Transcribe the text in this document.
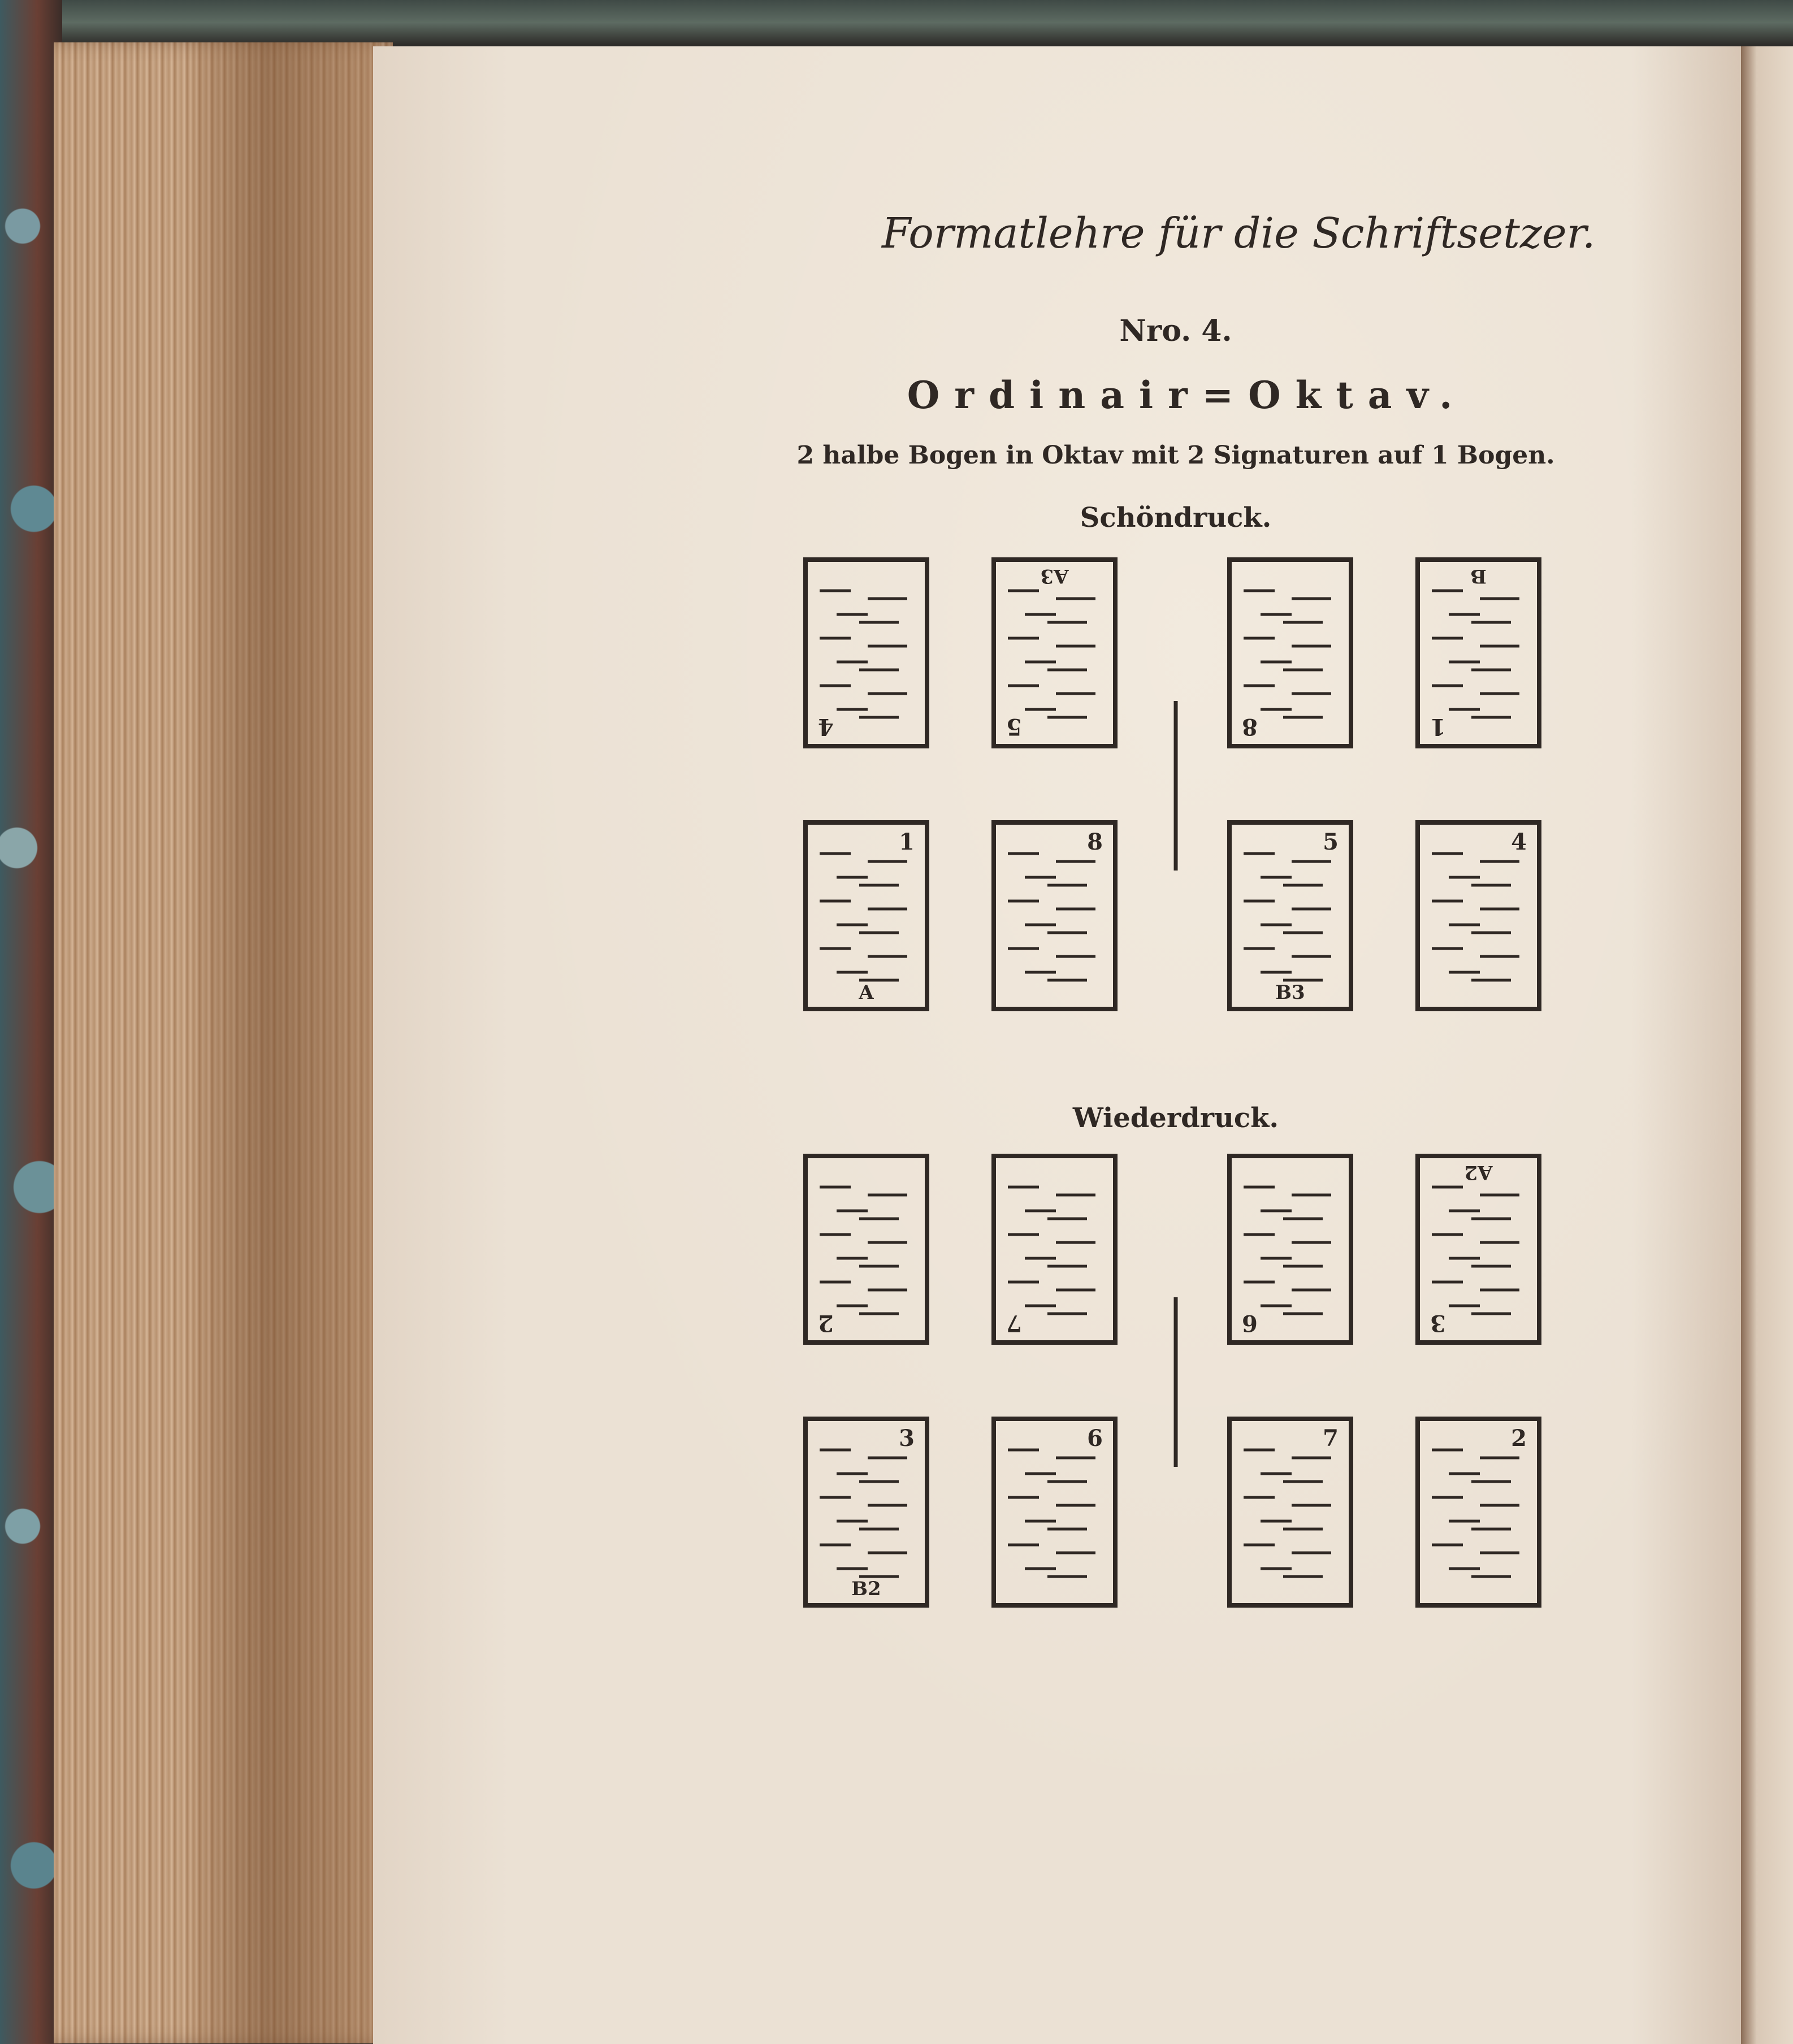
Formatlehre für die Schriftsetzer.
Nro. 4.
Ordinair=Oktav.
2 halbe Bogen in Oktav mit 2 Signaturen auf 1 Bogen.
Schöndruck.
Wiederdruck.
4	5
A3
8	1
B
1
A
8	5
B3
4
2	7	6	3
A2
3
B2
6	7	2
